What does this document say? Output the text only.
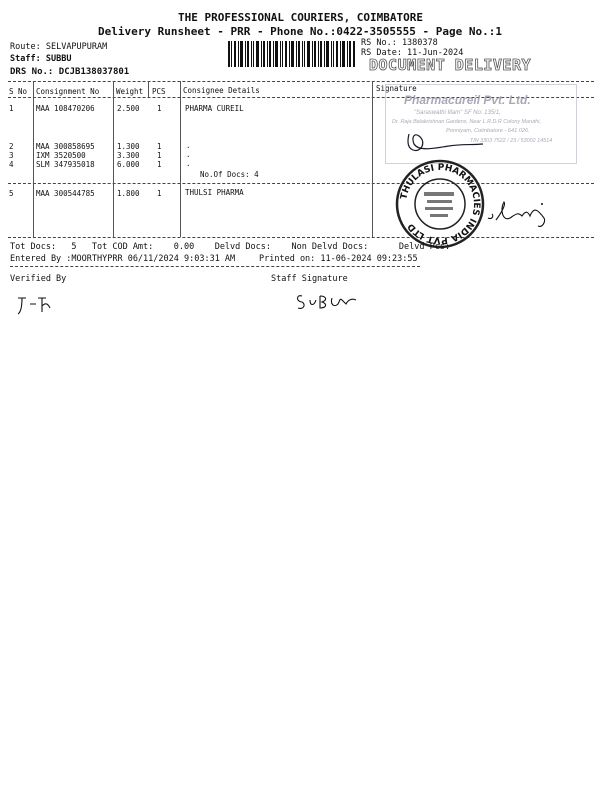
THE PROFESSIONAL COURIERS, COIMBATORE
Delivery Runsheet - PRR - Phone No.:0422-3505555 - Page No.:1
Route: SELVAPUPURAM
Staff: SUBBU
DRS No.: DCJB138037801
RS No.: 1380378
RS Date: 11-Jun-2024
DOCUMENT DELIVERY
S No Consignment No Weight PCS Consignee Details	Signature
1	MAA 108470206	2.500 1	PHARMA CUREIL
2	MAA 300858695	1.300 1	.
3	IXM 3520500	3.300 1	.
4	SLM 347935018	6.000 1	.
No.Of Docs: 4
5	MAA 300544785	1.800 1	THULSI PHARMA
Pharmacureil Pvt. Ltd.
"Saraswathi Illam" SF No: 135/1,
Dr. Raja Balakrishnan Gardens, Near L.R.D.R Colony Maruthi,
Ponniyam, Coimbatore - 641 026.
TIN 3303 7522 / 23 / 53002 14514
THULASI PHARMACIES INDIA PVT LTD
Tot Docs:   5   Tot COD Amt:    0.00    Delvd Docs:    Non Delvd Docs:      Delvd Pcs:
Entered By :MOORTHYPRR 06/11/2024 9:03:31 AM	Printed on: 11-06-2024 09:23:55
Verified By	Staff Signature
